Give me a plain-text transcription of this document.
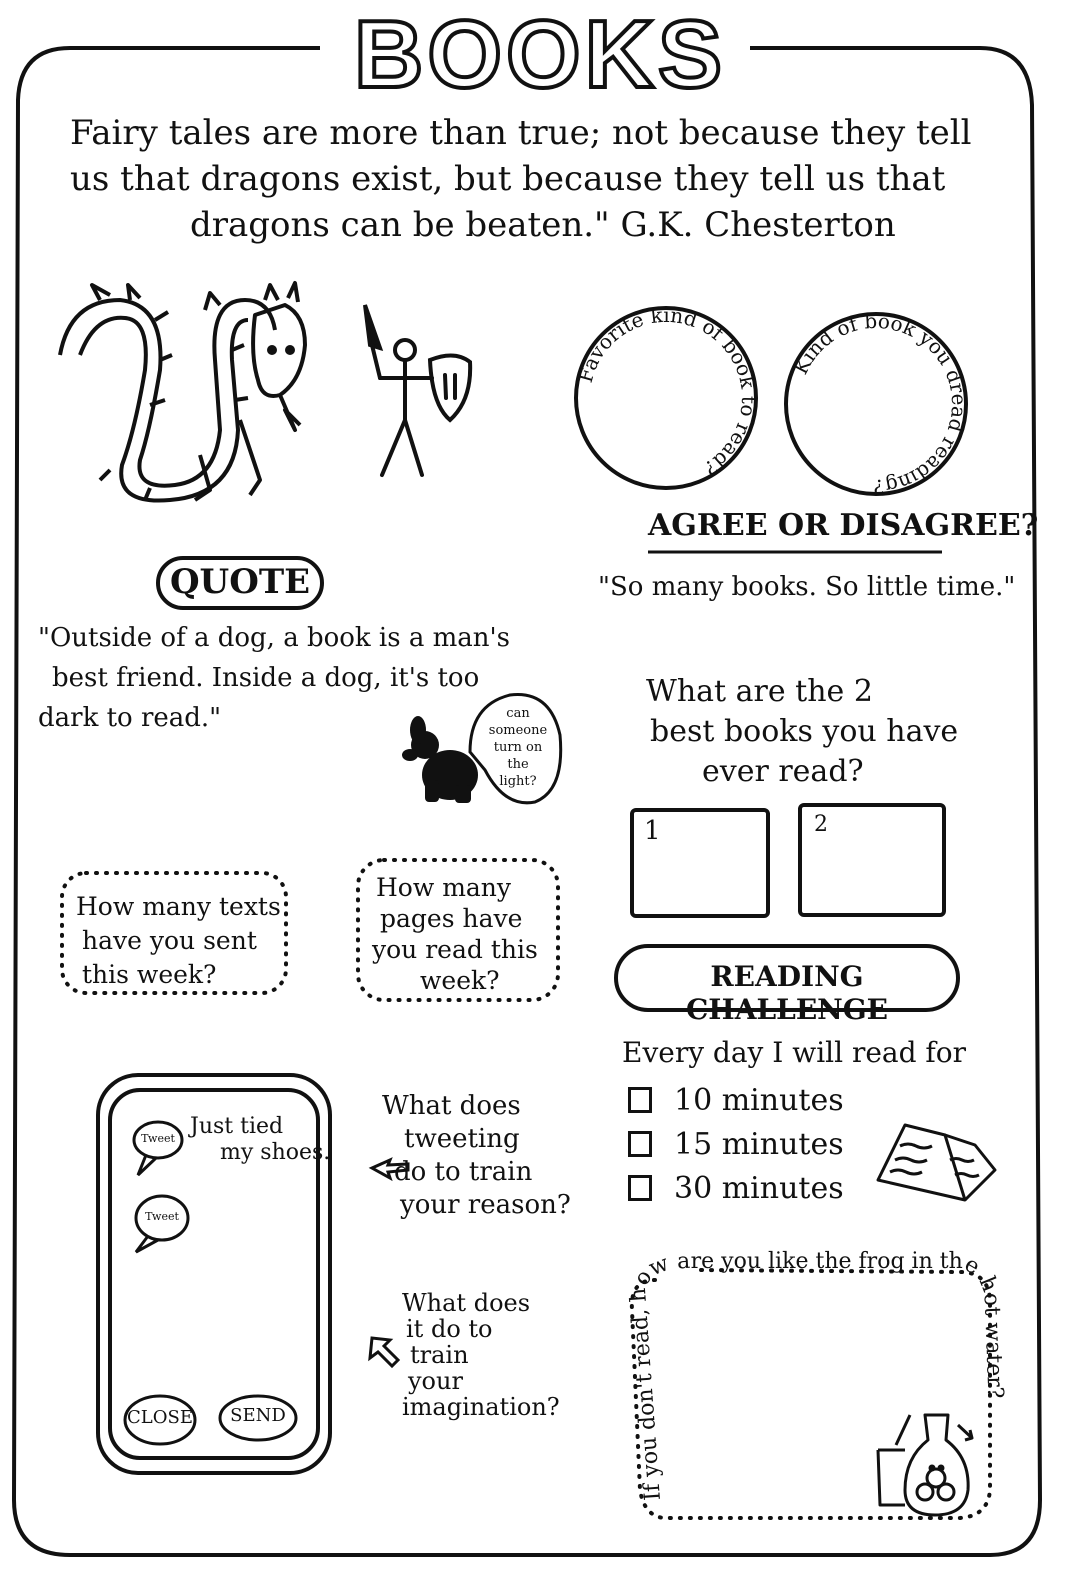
Favorite kind of book to read?
Kind of book you dread reading?
If you don't read, how are you like the frog in the hot water?
BOOKS
Fairy tales are more than true; not because they tell
us that dragons exist, but because they tell us that
dragons can be beaten." G.K. Chesterton
AGREE OR DISAGREE?
"So many books. So little time."
QUOTE
"Outside of a dog, a book is a man's
best friend. Inside a dog, it's too
dark to read."	can
someone
turn on
the
light?
What are the 2
best books you have
ever read?
1	2
How many texts
have you sent
this week?
How many
pages have
you read this
week?	READING CHALLENGE
Every day I will read for
10 minutes
15 minutes
30 minutes
Tweet
Tweet
Just tied
my shoes.
CLOSE	SEND
What does
tweeting
do to train
your reason?
What does
it do to
train
your
imagination?
